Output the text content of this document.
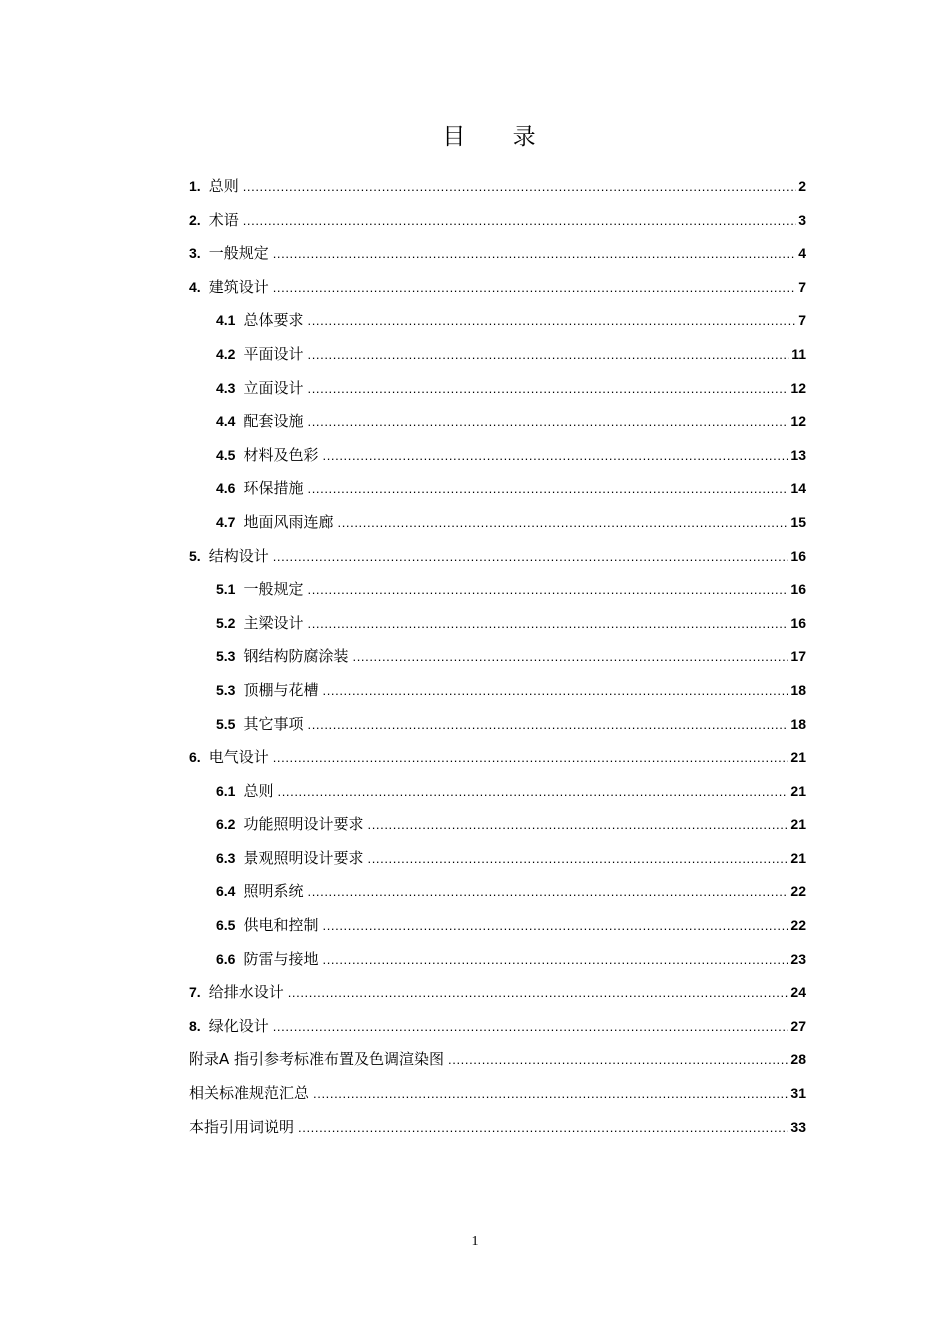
目 录
1. 总则 .....	2
2. 术语 .....	3
3. 一般规定 .....	4
4. 建筑设计 .....	7
4.1 总体要求 .....	7
4.2 平面设计 .....	11
4.3 立面设计 .....	12
4.4 配套设施 .....	12
4.5 材料及色彩 .....	13
4.6 环保措施 .....	14
4.7 地面风雨连廊 .....	15
5. 结构设计 .....	16
5.1 一般规定 .....	16
5.2 主梁设计 .....	16
5.3 钢结构防腐涂装 .....	17
5.3 顶棚与花槽 .....	18
5.5 其它事项 .....	18
6. 电气设计 .....	21
6.1 总则 .....	21
6.2 功能照明设计要求 .....	21
6.3 景观照明设计要求 .....	21
6.4 照明系统 .....	22
6.5 供电和控制 .....	22
6.6 防雷与接地 .....	23
7. 给排水设计 .....	24
8. 绿化设计 .....	27
附录A 指引参考标准布置及色调渲染图 .....	28
相关标准规范汇总 .....	31
本指引用词说明 .....	33
1
